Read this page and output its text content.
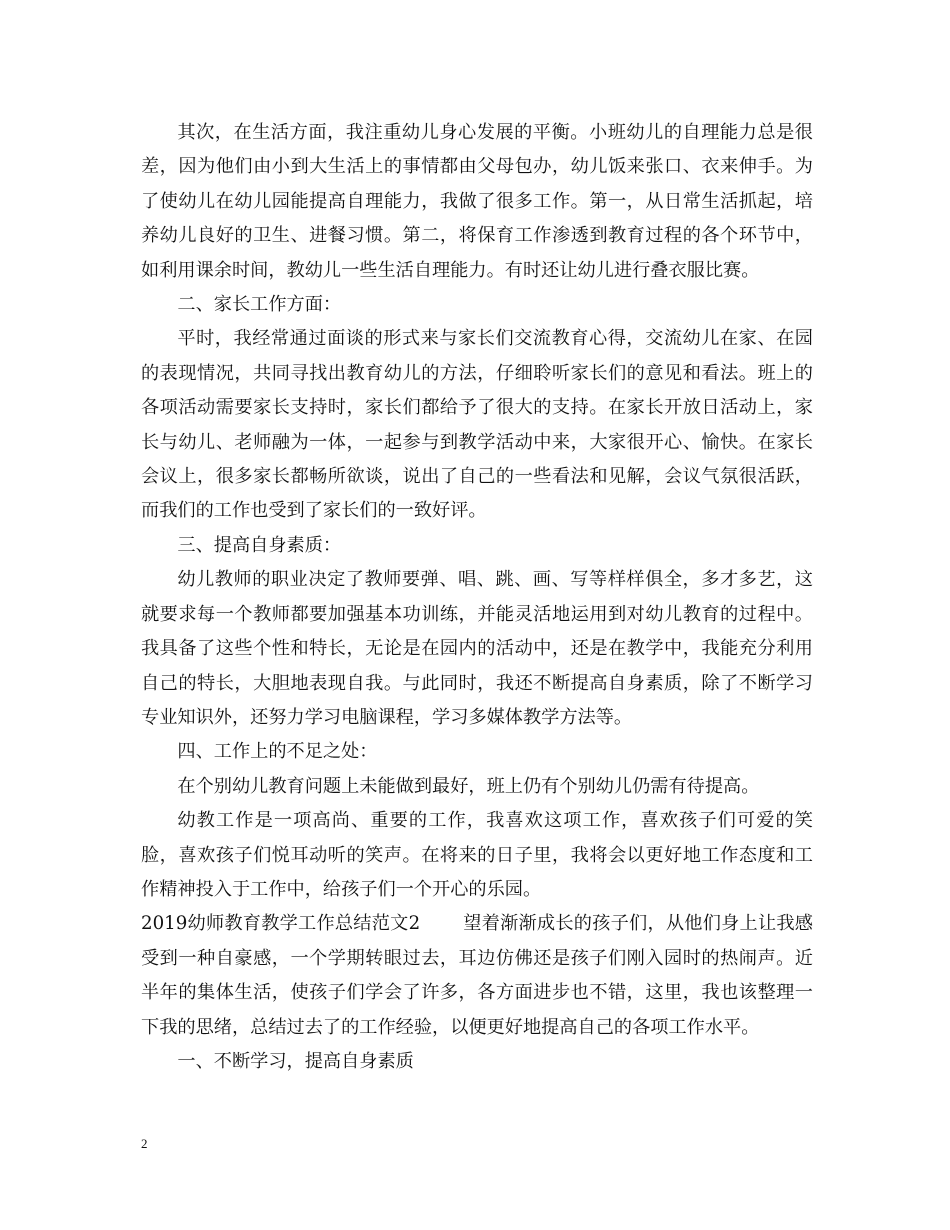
其次，在生活方面，我注重幼儿身心发展的平衡。小班幼儿的自理能力总是很差，因为他们由小到大生活上的事情都由父母包办，幼儿饭来张口、衣来伸手。为了使幼儿在幼儿园能提高自理能力，我做了很多工作。第一，从日常生活抓起，培养幼儿良好的卫生、进餐习惯。第二，将保育工作渗透到教育过程的各个环节中，如利用课余时间，教幼儿一些生活自理能力。有时还让幼儿进行叠衣服比赛。

二、家长工作方面：

平时，我经常通过面谈的形式来与家长们交流教育心得，交流幼儿在家、在园的表现情况，共同寻找出教育幼儿的方法，仔细聆听家长们的意见和看法。班上的各项活动需要家长支持时，家长们都给予了很大的支持。在家长开放日活动上，家长与幼儿、老师融为一体，一起参与到教学活动中来，大家很开心、愉快。在家长会议上，很多家长都畅所欲谈，说出了自己的一些看法和见解，会议气氛很活跃，而我们的工作也受到了家长们的一致好评。

三、提高自身素质：

幼儿教师的职业决定了教师要弹、唱、跳、画、写等样样俱全，多才多艺，这就要求每一个教师都要加强基本功训练，并能灵活地运用到对幼儿教育的过程中。我具备了这些个性和特长，无论是在园内的活动中，还是在教学中，我能充分利用自己的特长，大胆地表现自我。与此同时，我还不断提高自身素质，除了不断学习专业知识外，还努力学习电脑课程，学习多媒体教学方法等。

四、工作上的不足之处：

在个别幼儿教育问题上未能做到最好，班上仍有个别幼儿仍需有待提高。

幼教工作是一项高尚、重要的工作，我喜欢这项工作，喜欢孩子们可爱的笑脸，喜欢孩子们悦耳动听的笑声。在将来的日子里，我将会以更好地工作态度和工作精神投入于工作中，给孩子们一个开心的乐园。

2019幼师教育教学工作总结范文2　　 望着渐渐成长的孩子们，从他们身上让我感受到一种自豪感，一个学期转眼过去，耳边仿佛还是孩子们刚入园时的热闹声。近半年的集体生活，使孩子们学会了许多，各方面进步也不错，这里，我也该整理一下我的思绪，总结过去了的工作经验，以便更好地提高自己的各项工作水平。

一、不断学习，提高自身素质

2
